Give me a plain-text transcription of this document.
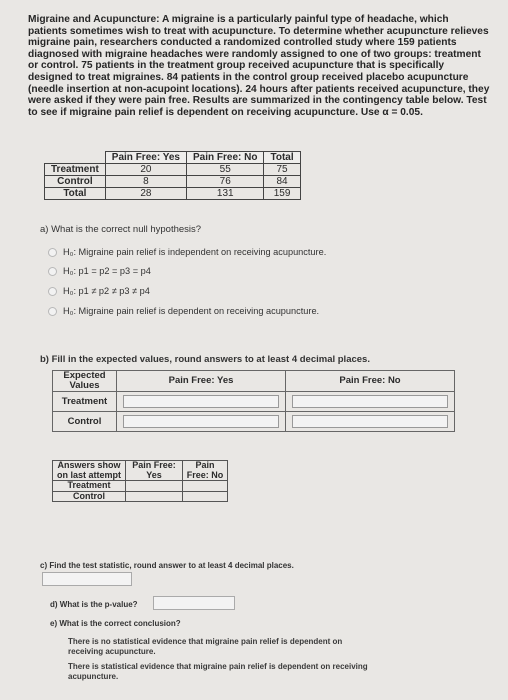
Migraine and Acupuncture: A migraine is a particularly painful type of headache, which patients sometimes wish to treat with acupuncture. To determine whether acupuncture relieves migraine pain, researchers conducted a randomized controlled study where 159 patients diagnosed with migraine headaches were randomly assigned to one of two groups: treatment or control. 75 patients in the treatment group received acupuncture that is specifically designed to treat migraines. 84 patients in the control group received placebo acupuncture (needle insertion at non-acupoint locations). 24 hours after patients received acupuncture, they were asked if they were pain free. Results are summarized in the contingency table below. Test to see if migraine pain relief is dependent on receiving acupuncture. Use α = 0.05.
	Pain Free: Yes	Pain Free: No	Total
Treatment	20	55	75
Control	8	76	84
Total	28	131	159
a) What is the correct null hypothesis?
H₀: Migraine pain relief is independent on receiving acupuncture.
H₀: p1 = p2 = p3 = p4
H₀: p1 ≠ p2 ≠ p3 ≠ p4
H₀: Migraine pain relief is dependent on receiving acupuncture.
b) Fill in the expected values, round answers to at least 4 decimal places.
Expected Values	Pain Free: Yes	Pain Free: No
Treatment	

Control	

Answers show on last attempt	Pain Free: Yes	Pain Free: No
Treatment		
Control		
c) Find the test statistic, round answer to at least 4 decimal places.
d) What is the p-value?
e) What is the correct conclusion?
There is no statistical evidence that migraine pain relief is dependent on receiving acupuncture.
There is statistical evidence that migraine pain relief is dependent on receiving acupuncture.
